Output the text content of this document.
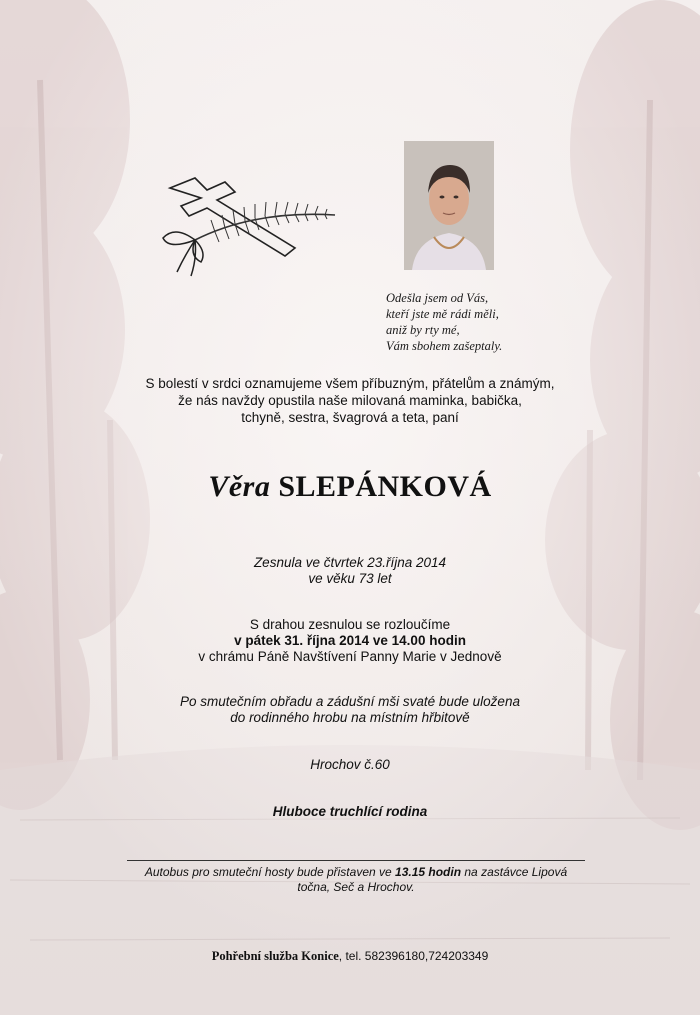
Odešla jsem od Vás,
kteří jste mě rádi měli,
aniž by rty mé,
Vám sbohem zašeptaly.
S bolestí v srdci oznamujeme všem příbuzným, přátelům a známým,
že nás navždy opustila naše milovaná maminka, babička,
tchyně, sestra, švagrová a teta, paní
Věra SLEPÁNKOVÁ
Zesnula ve čtvrtek 23.října 2014
ve věku 73 let
S drahou zesnulou se rozloučíme
v pátek 31. října 2014 ve 14.00 hodin
v chrámu Páně Navštívení Panny Marie v Jednově
Po smutečním obřadu a zádušní mši svaté bude uložena
do rodinného hrobu na místním hřbitově
Hrochov č.60
Hluboce truchlící rodina
Autobus pro smuteční hosty bude přistaven ve 13.15 hodin na zastávce Lipová
točna, Seč a Hrochov.
Pohřební služba Konice, tel. 582396180,724203349
